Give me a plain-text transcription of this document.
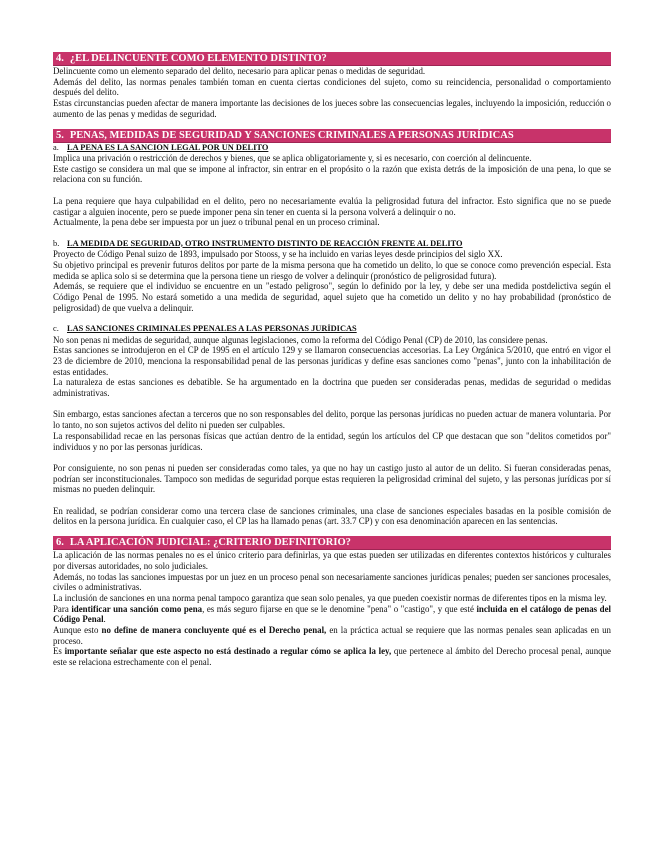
4. ¿EL DELINCUENTE COMO ELEMENTO DISTINTO?

Delincuente como un elemento separado del delito, necesario para aplicar penas o medidas de seguridad.

Además del delito, las normas penales también toman en cuenta ciertas condiciones del sujeto, como su reincidencia, personalidad o comportamiento después del delito.

Estas circunstancias pueden afectar de manera importante las decisiones de los jueces sobre las consecuencias legales, incluyendo la imposición, reducción o aumento de las penas y medidas de seguridad.

5. PENAS, MEDIDAS DE SEGURIDAD Y SANCIONES CRIMINALES A PERSONAS JURÍDICAS
a. LA PENA ES LA SANCION LEGAL POR UN DELITO

Implica una privación o restricción de derechos y bienes, que se aplica obligatoriamente y, si es necesario, con coerción al delincuente.

Este castigo se considera un mal que se impone al infractor, sin entrar en el propósito o la razón que exista detrás de la imposición de una pena, lo que se relaciona con su función.

La pena requiere que haya culpabilidad en el delito, pero no necesariamente evalúa la peligrosidad futura del infractor. Esto significa que no se puede castigar a alguien inocente, pero se puede imponer pena sin tener en cuenta si la persona volverá a delinquir o no.

Actualmente, la pena debe ser impuesta por un juez o tribunal penal en un proceso criminal.

b. LA MEDIDA DE SEGURIDAD, OTRO INSTRUMENTO DISTINTO DE REACCIÓN FRENTE AL DELITO

Proyecto de Código Penal suizo de 1893, impulsado por Stooss, y se ha incluido en varias leyes desde principios del siglo XX.

Su objetivo principal es prevenir futuros delitos por parte de la misma persona que ha cometido un delito, lo que se conoce como prevención especial. Esta medida se aplica solo si se determina que la persona tiene un riesgo de volver a delinquir (pronóstico de peligrosidad futura).

Además, se requiere que el individuo se encuentre en un "estado peligroso", según lo definido por la ley, y debe ser una medida postdelictiva según el Código Penal de 1995. No estará sometido a una medida de seguridad, aquel sujeto que ha cometido un delito y no hay probabilidad (pronóstico de peligrosidad) de que vuelva a delinquir.

c. LAS SANCIONES CRIMINALES PPENALES A LAS PERSONAS JURÍDICAS

No son penas ni medidas de seguridad, aunque algunas legislaciones, como la reforma del Código Penal (CP) de 2010, las considere penas.

Estas sanciones se introdujeron en el CP de 1995 en el artículo 129 y se llamaron consecuencias accesorias. La Ley Orgánica 5/2010, que entró en vigor el 23 de diciembre de 2010, menciona la responsabilidad penal de las personas jurídicas y define esas sanciones como "penas", junto con la inhabilitación de estas entidades.

La naturaleza de estas sanciones es debatible. Se ha argumentado en la doctrina que pueden ser consideradas penas, medidas de seguridad o medidas administrativas.

Sin embargo, estas sanciones afectan a terceros que no son responsables del delito, porque las personas jurídicas no pueden actuar de manera voluntaria. Por lo tanto, no son sujetos activos del delito ni pueden ser culpables.

La responsabilidad recae en las personas físicas que actúan dentro de la entidad, según los artículos del CP que destacan que son "delitos cometidos por" individuos y no por las personas jurídicas.

Por consiguiente, no son penas ni pueden ser consideradas como tales, ya que no hay un castigo justo al autor de un delito. Si fueran consideradas penas, podrían ser inconstitucionales. Tampoco son medidas de seguridad porque estas requieren la peligrosidad criminal del sujeto, y las personas jurídicas por sí mismas no pueden delinquir.

En realidad, se podrían considerar como una tercera clase de sanciones criminales, una clase de sanciones especiales basadas en la posible comisión de delitos en la persona jurídica. En cualquier caso, el CP las ha llamado penas (art. 33.7 CP) y con esa denominación aparecen en las sentencias.

6. LA APLICACIÓN JUDICIAL: ¿CRITERIO DEFINITORIO?

La aplicación de las normas penales no es el único criterio para definirlas, ya que estas pueden ser utilizadas en diferentes contextos históricos y culturales por diversas autoridades, no solo judiciales.

Además, no todas las sanciones impuestas por un juez en un proceso penal son necesariamente sanciones jurídicas penales; pueden ser sanciones procesales, civiles o administrativas.

La inclusión de sanciones en una norma penal tampoco garantiza que sean solo penales, ya que pueden coexistir normas de diferentes tipos en la misma ley.

Para identificar una sanción como pena, es más seguro fijarse en que se le denomine "pena" o "castigo", y que esté incluida en el catálogo de penas del Código Penal.

Aunque esto no define de manera concluyente qué es el Derecho penal, en la práctica actual se requiere que las normas penales sean aplicadas en un proceso.

Es importante señalar que este aspecto no está destinado a regular cómo se aplica la ley, que pertenece al ámbito del Derecho procesal penal, aunque este se relaciona estrechamente con el penal.
